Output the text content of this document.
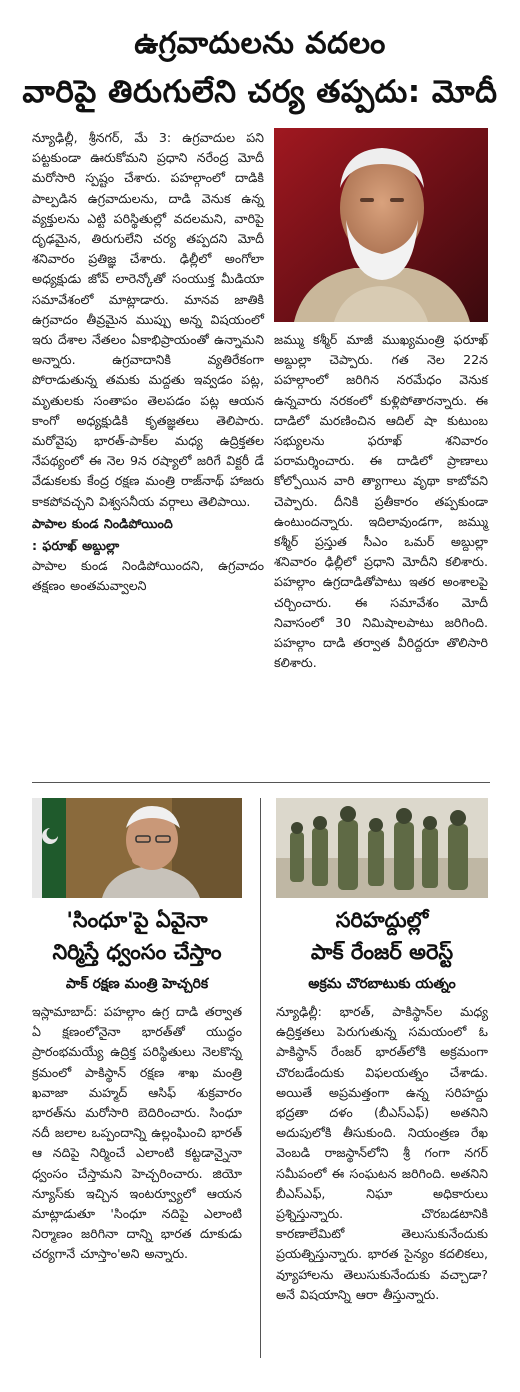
ఉగ్రవాదులను వదలం
వారిపై తిరుగులేని చర్య తప్పదు: మోదీ

న్యూఢిల్లీ, శ్రీనగర్, మే 3: ఉగ్రవాదుల పని పట్టకుండా ఊరుకోమని ప్రధాని నరేంద్ర మోదీ మరోసారి స్పష్టం చేశారు. పహల్గాంలో దాడికి పాల్పడిన ఉగ్రవాదులను, దాడి వెనుక ఉన్న వ్యక్తులను ఎట్టి పరిస్థితుల్లో వదలమని, వారిపై దృఢమైన, తిరుగులేని చర్య తప్పదని మోదీ శనివారం ప్రతిజ్ఞ చేశారు. ఢిల్లీలో అంగోలా అధ్యక్షుడు జోవ్ లారెన్కోతో సంయుక్త మీడియా సమావేశంలో మాట్లాడారు. మానవ జాతికి ఉగ్రవాదం తీవ్రమైన ముప్పు అన్న విషయంలో ఇరు దేశాల నేతలం ఏకాభిప్రాయంతో ఉన్నామని అన్నారు. ఉగ్రవాదానికి వ్యతిరేకంగా పోరాడుతున్న తమకు మద్దతు ఇవ్వడం పట్ల, మృతులకు సంతాపం తెలపడం పట్ల ఆయన కాంగో అధ్యక్షుడికి కృతజ్ఞతలు తెలిపారు. మరోవైపు భారత్-పాక్‌ల మధ్య ఉద్రిక్తతల నేపథ్యంలో ఈ నెల 9న రష్యాలో జరిగే విక్టరీ డే వేడుకలకు కేంద్ర రక్షణ మంత్రి రాజ్‌నాథ్ హాజరు కాకపోవచ్చని విశ్వసనీయ వర్గాలు తెలిపాయి.

పాపాల కుండ నిండిపోయింది

: ఫరూఖ్ అబ్దుల్లా

పాపాల కుండ నిండిపోయిందని, ఉగ్రవాదం తక్షణం అంతమవ్వాలని

జమ్ము కశ్మీర్ మాజీ ముఖ్యమంత్రి ఫరూఖ్ అబ్దుల్లా చెప్పారు. గత నెల 22న పహల్గాంలో జరిగిన నరమేధం వెనుక ఉన్నవారు నరకంలో కుళ్లిపోతారన్నారు. ఈ దాడిలో మరణించిన ఆదిల్ షా కుటుంబ సభ్యులను ఫరూఖ్ శనివారం పరామర్శించారు. ఈ దాడిలో ప్రాణాలు కోల్పోయిన వారి త్యాగాలు వృథా కాబోవని చెప్పారు. దీనికి ప్రతీకారం తప్పకుండా ఉంటుందన్నారు. ఇదిలావుండగా, జమ్ము కశ్మీర్ ప్రస్తుత సీఎం ఒమర్ అబ్దుల్లా శనివారం ఢిల్లీలో ప్రధాని మోదీని కలిశారు. పహల్గాం ఉగ్రదాడితోపాటు ఇతర అంశాలపై చర్చించారు. ఈ సమావేశం మోదీ నివాసంలో 30 నిమిషాలపాటు జరిగింది. పహల్గాం దాడి తర్వాత వీరిద్దరూ తొలిసారి కలిశారు.

'సింధూ'పై ఏవైనా
నిర్మిస్తే ధ్వంసం చేస్తాం
పాక్ రక్షణ మంత్రి హెచ్చరిక
సరిహద్దుల్లో
పాక్ రేంజర్ అరెస్ట్
అక్రమ చొరబాటుకు యత్నం

ఇస్లామాబాద్: పహల్గాం ఉగ్ర దాడి తర్వాత ఏ క్షణంలోనైనా భారత్‌తో యుద్ధం ప్రారంభమయ్యే ఉద్రిక్త పరిస్థితులు నెలకొన్న క్రమంలో పాకిస్థాన్ రక్షణ శాఖ మంత్రి ఖవాజా మహ్మద్ ఆసిఫ్ శుక్రవారం భారత్‌ను మరోసారి బెదిరించారు. సింధూ నదీ జలాల ఒప్పందాన్ని ఉల్లంఘించి భారత్ ఆ నదిపై నిర్మించే ఎలాంటి కట్టడాన్నైనా ధ్వంసం చేస్తామని హెచ్చరించారు. జియో న్యూస్‌కు ఇచ్చిన ఇంటర్వ్యూలో ఆయన మాట్లాడుతూ 'సింధూ నదిపై ఎలాంటి నిర్మాణం జరిగినా దాన్ని భారత దూకుడు చర్యగానే చూస్తాం'అని అన్నారు.

న్యూఢిల్లీ: భారత్, పాకిస్థాన్‌ల మధ్య ఉద్రిక్తతలు పెరుగుతున్న సమయంలో ఓ పాకిస్థాన్ రేంజర్ భారత్‌లోకి అక్రమంగా చొరబడేందుకు విఫలయత్నం చేశాడు. అయితే అప్రమత్తంగా ఉన్న సరిహద్దు భద్రతా దళం (బీఎస్ఎఫ్) అతనిని అదుపులోకి తీసుకుంది. నియంత్రణ రేఖ వెంబడి రాజస్థాన్‌లోని శ్రీ గంగా నగర్ సమీపంలో ఈ సంఘటన జరిగింది. అతనిని బీఎస్ఎఫ్, నిఘా అధికారులు ప్రశ్నిస్తున్నారు. చొరబడటానికి కారణాలేమిటో తెలుసుకునేందుకు ప్రయత్నిస్తున్నారు. భారత సైన్యం కదలికలు, వ్యూహాలను తెలుసుకునేందుకు వచ్చాడా? అనే విషయాన్ని ఆరా తీస్తున్నారు.
